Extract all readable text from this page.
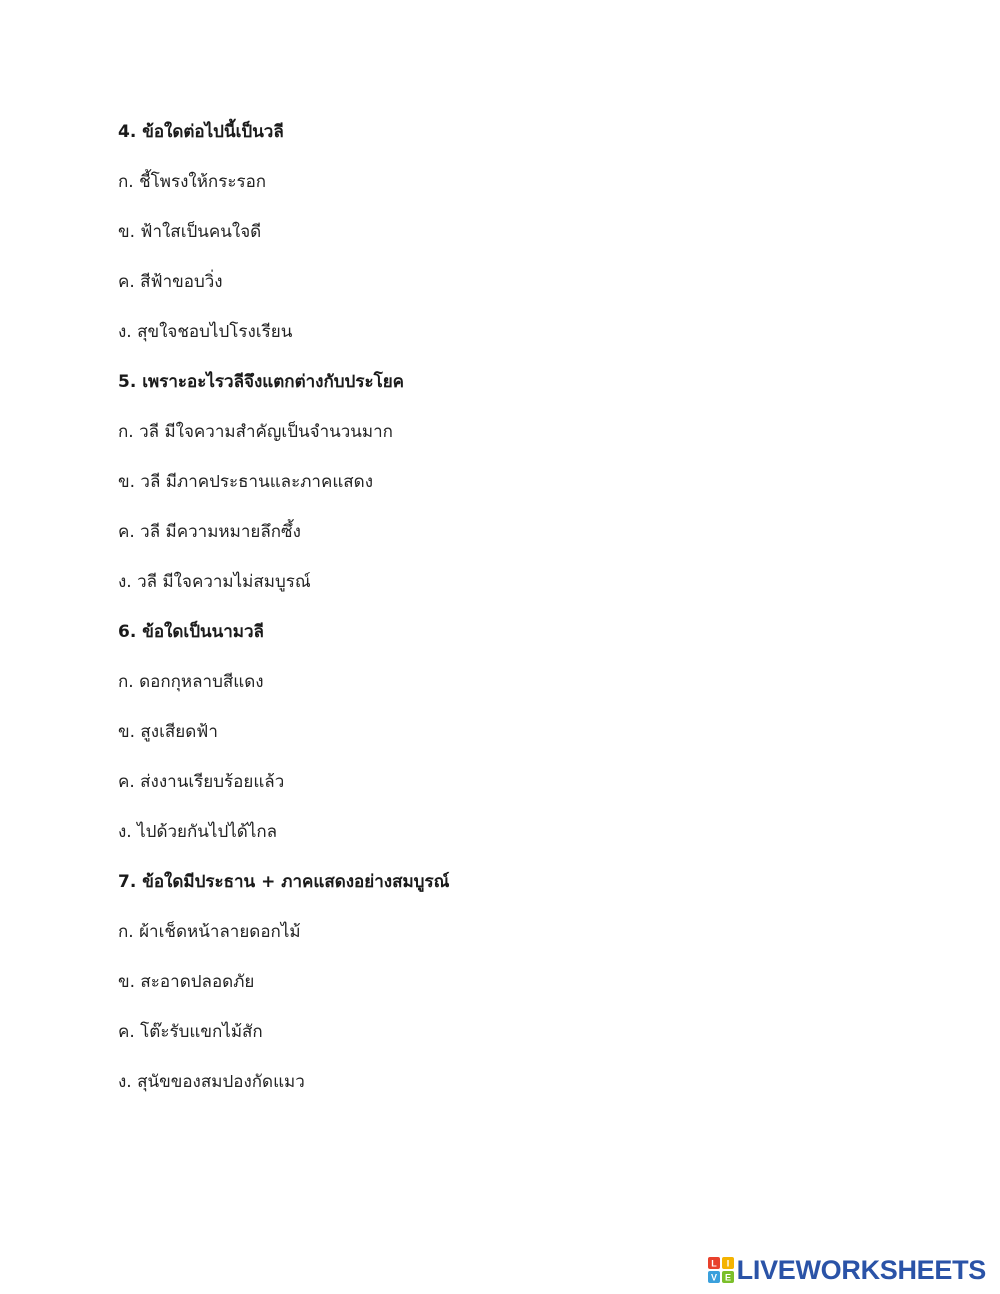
4. ข้อใดต่อไปนี้เป็นวลี
ก. ชี้โพรงให้กระรอก
ข. ฟ้าใสเป็นคนใจดี
ค. สีฟ้าขอบวิ่ง
ง. สุขใจชอบไปโรงเรียน
5. เพราะอะไรวลีจึงแตกต่างกับประโยค
ก. วลี มีใจความสำคัญเป็นจำนวนมาก
ข. วลี มีภาคประธานและภาคแสดง
ค. วลี มีความหมายลึกซึ้ง
ง. วลี มีใจความไม่สมบูรณ์
6. ข้อใดเป็นนามวลี
ก. ดอกกุหลาบสีแดง
ข. สูงเสียดฟ้า
ค. ส่งงานเรียบร้อยแล้ว
ง. ไปด้วยกันไปได้ไกล
7. ข้อใดมีประธาน + ภาคแสดงอย่างสมบูรณ์
ก. ผ้าเช็ดหน้าลายดอกไม้
ข. สะอาดปลอดภัย
ค. โต๊ะรับแขกไม้สัก
ง. สุนัขของสมปองกัดแมว
L I
V E LIVEWORKSHEETS
